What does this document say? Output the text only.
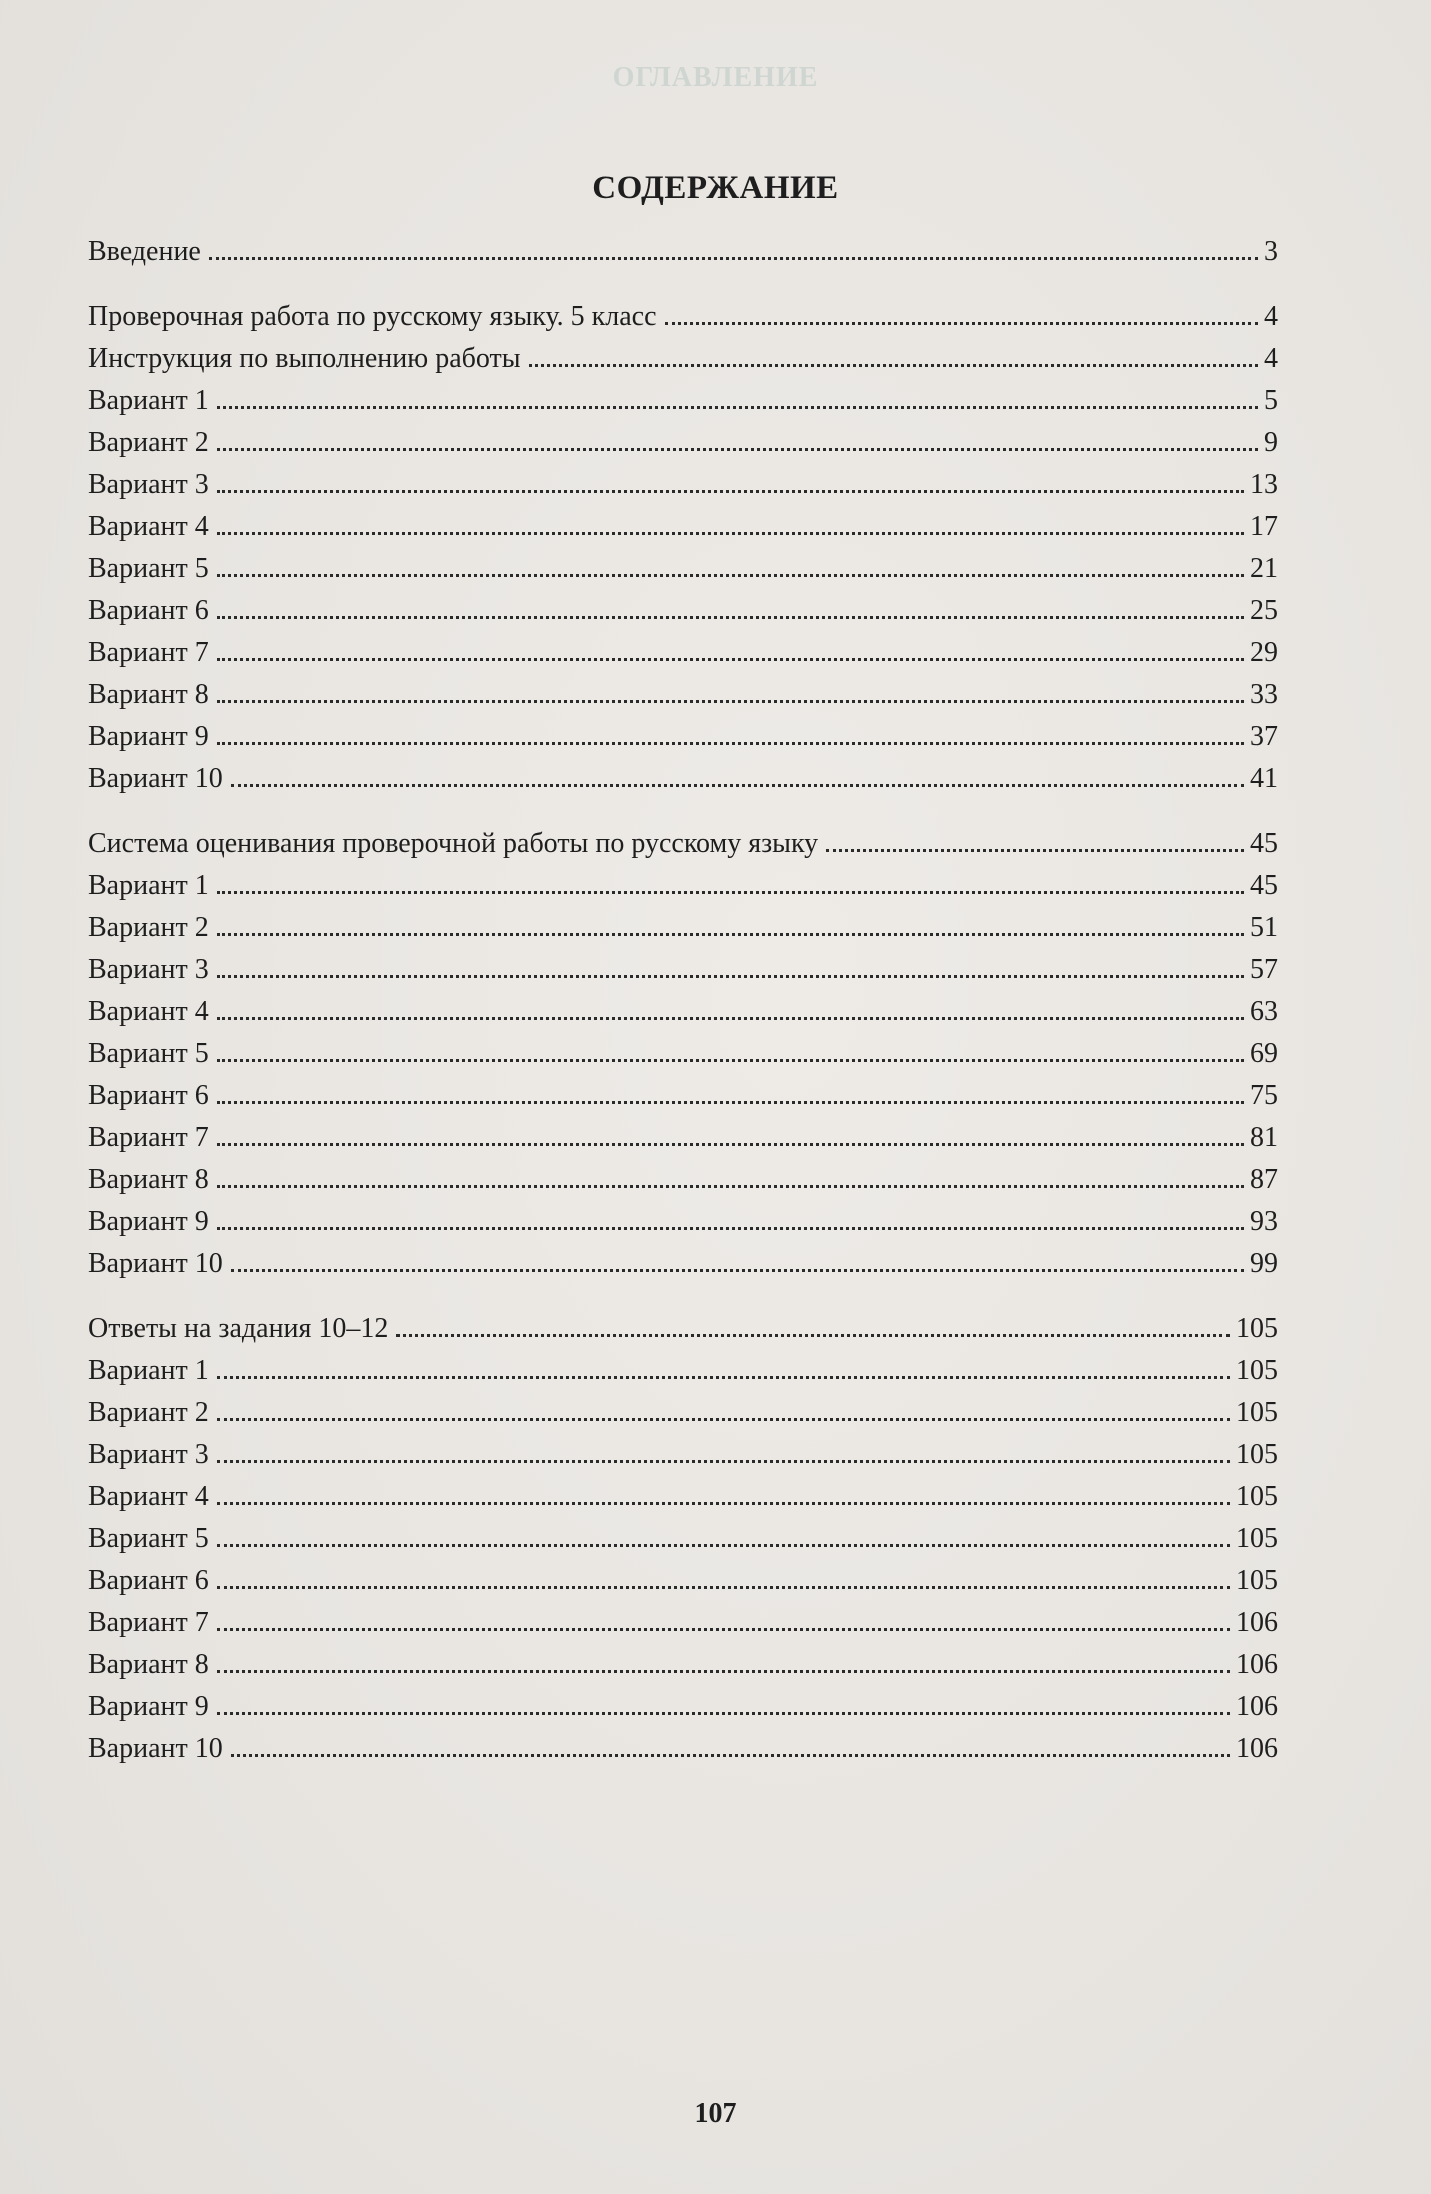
ОГЛАВЛЕНИЕ
СОДЕРЖАНИЕ
Введение	3
Проверочная работа по русскому языку. 5 класс	4
Инструкция по выполнению работы	4
Вариант 1	5
Вариант 2	9
Вариант 3	13
Вариант 4	17
Вариант 5	21
Вариант 6	25
Вариант 7	29
Вариант 8	33
Вариант 9	37
Вариант 10	41
Система оценивания проверочной работы по русскому языку	45
Вариант 1	45
Вариант 2	51
Вариант 3	57
Вариант 4	63
Вариант 5	69
Вариант 6	75
Вариант 7	81
Вариант 8	87
Вариант 9	93
Вариант 10	99
Ответы на задания 10–12	105
Вариант 1	105
Вариант 2	105
Вариант 3	105
Вариант 4	105
Вариант 5	105
Вариант 6	105
Вариант 7	106
Вариант 8	106
Вариант 9	106
Вариант 10	106
107
